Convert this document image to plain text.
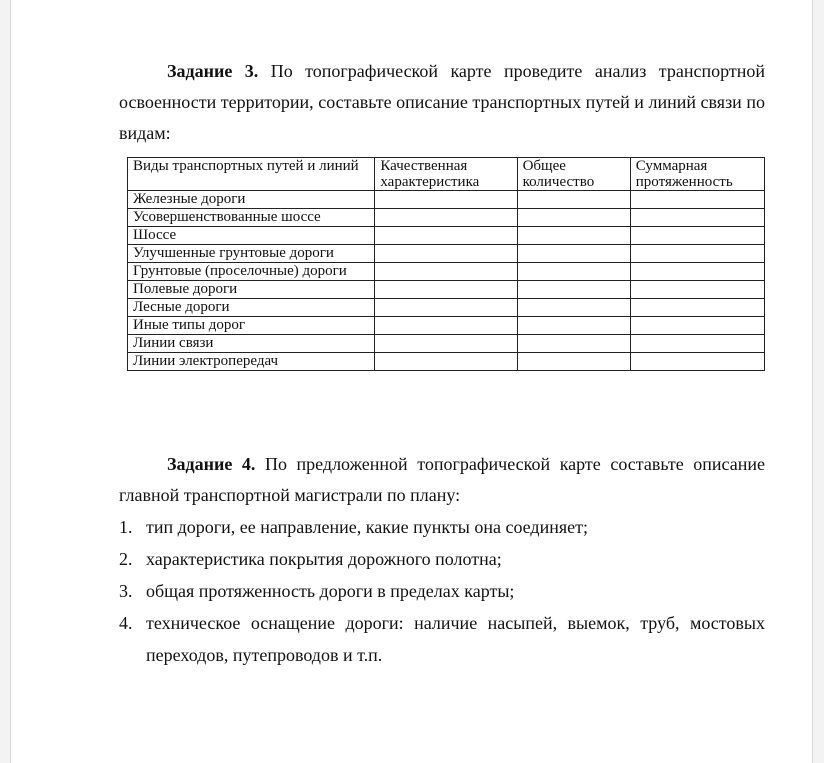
Задание 3. По топографической карте проведите анализ транспортной освоенности территории, составьте описание транспортных путей и линий связи по видам:

Виды транспортных путей и линий	Качественная характеристика	Общее количество	Суммарная протяженность
Железные дороги			
Усовершенствованные шоссе			
Шоссе			
Улучшенные грунтовые дороги			
Грунтовые (проселочные) дороги			
Полевые дороги			
Лесные дороги			
Иные типы дорог			
Линии связи			
Линии электропередач			

Задание 4. По предложенной топографической карте составьте описание главной транспортной магистрали по плану:

1. тип дороги, ее направление, какие пункты она соединяет;
2. характеристика покрытия дорожного полотна;
3. общая протяженность дороги в пределах карты;
4. техническое оснащение дороги: наличие насыпей, выемок, труб, мостовых переходов, путепроводов и т.п.
